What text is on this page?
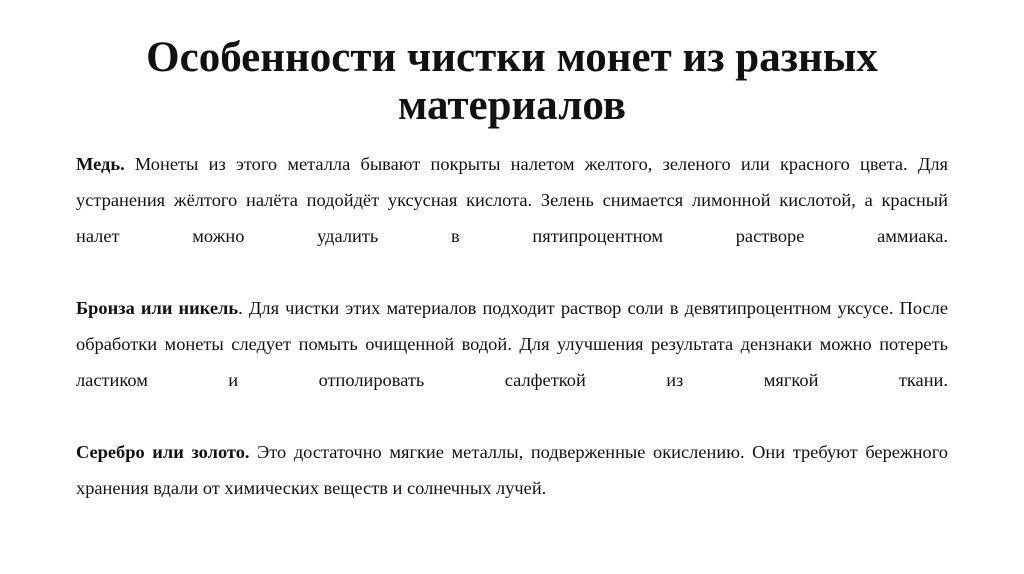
Особенности чистки монет из разных материалов

Медь. Монеты из этого металла бывают покрыты налетом желтого, зеленого или красного цвета. Для устранения жёлтого налёта подойдёт уксусная кислота. Зелень снимается лимонной кислотой, а красный налет можно удалить в пятипроцентном растворе аммиака.

Бронза или никель. Для чистки этих материалов подходит раствор соли в девятипроцентном уксусе. После обработки монеты следует помыть очищенной водой. Для улучшения результата дензнаки можно потереть ластиком и отполировать салфеткой из мягкой ткани.

Серебро или золото. Это достаточно мягкие металлы, подверженные окислению. Они требуют бережного хранения вдали от химических веществ и солнечных лучей.
